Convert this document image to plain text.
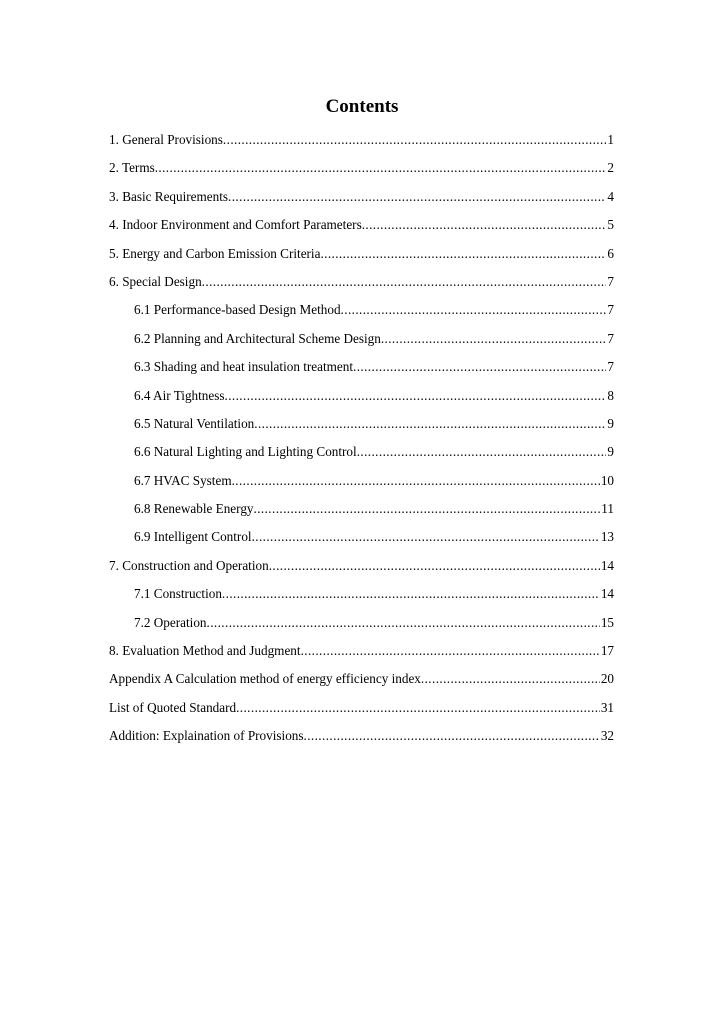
Contents
1. General Provisions .....	1
2. Terms .....	2
3. Basic Requirements .....	4
4. Indoor Environment and Comfort Parameters .....	5
5. Energy and Carbon Emission Criteria .....	6
6. Special Design .....	7
6.1 Performance-based Design Method .....	7
6.2 Planning and Architectural Scheme Design .....	7
6.3 Shading and heat insulation treatment .....	7
6.4 Air Tightness .....	8
6.5 Natural Ventilation .....	9
6.6 Natural Lighting and Lighting Control .....	9
6.7 HVAC System .....	10
6.8 Renewable Energy .....	11
6.9 Intelligent Control .....	13
7. Construction and Operation .....	14
7.1 Construction .....	14
7.2 Operation .....	15
8. Evaluation Method and Judgment .....	17
Appendix A Calculation method of energy efficiency index .....	20
List of Quoted Standard .....	31
Addition: Explaination of Provisions .....	32
